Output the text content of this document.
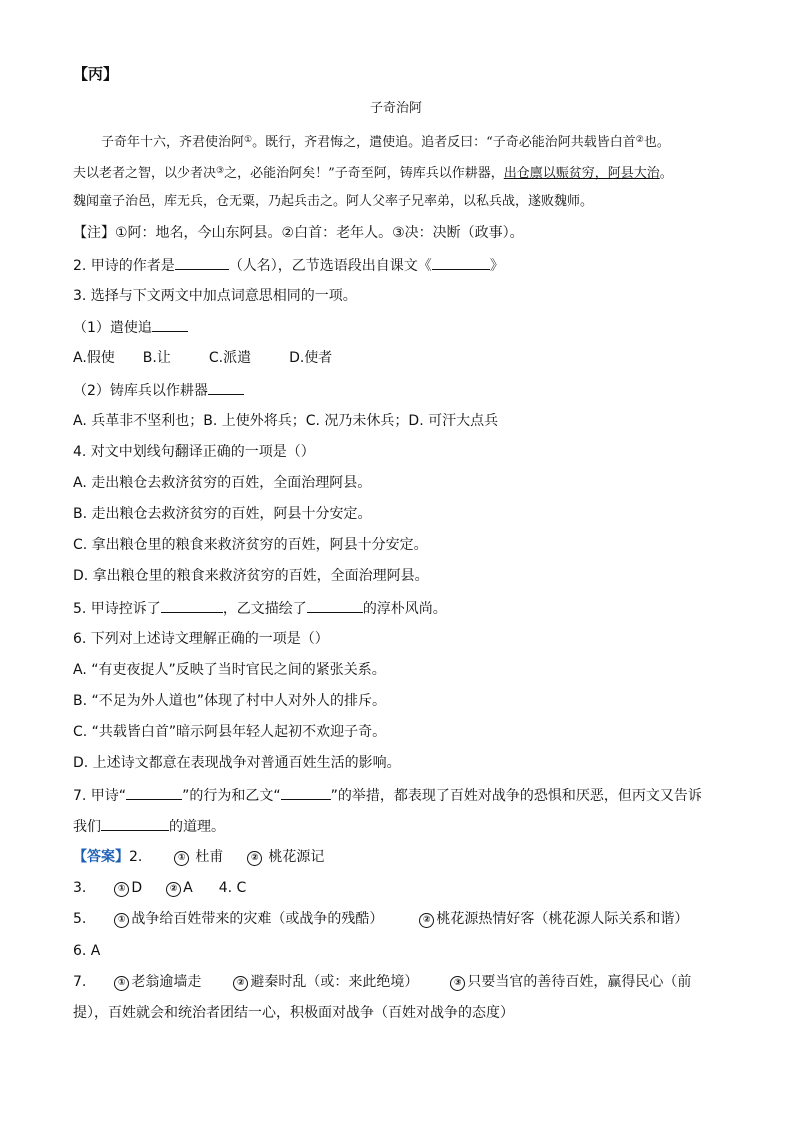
【丙】
子奇治阿
子奇年十六，齐君使治阿①。既行，齐君悔之，遣使追。追者反曰：“子奇必能治阿共载皆白首②也。
夫以老者之智，以少者决③之，必能治阿矣！”子奇至阿，铸库兵以作耕器，出仓廪以赈贫穷，阿县大治。
魏闻童子治邑，库无兵，仓无粟，乃起兵击之。阿人父率子兄率弟，以私兵战，遂败魏师。
【注】①阿：地名，今山东阿县。②白首：老年人。③决：决断（政事）。
2. 甲诗的作者是	（人名），乙节选语段出自课文《	》
3. 选择与下文两文中加点词意思相同的一项。
（1）遣使追
A.假使 B.让	C.派遣	D.使者
（2）铸库兵以作耕器
A. 兵革非不坚利也；B. 上使外将兵；C. 况乃未休兵；D. 可汗大点兵
4. 对文中划线句翻译正确的一项是（）
A. 走出粮仓去救济贫穷的百姓，全面治理阿县。
B. 走出粮仓去救济贫穷的百姓，阿县十分安定。
C. 拿出粮仓里的粮食来救济贫穷的百姓，阿县十分安定。
D. 拿出粮仓里的粮食来救济贫穷的百姓，全面治理阿县。
5. 甲诗控诉了	，乙文描绘了	的淳朴风尚。
6. 下列对上述诗文理解正确的一项是（）
A. “有吏夜捉人”反映了当时官民之间的紧张关系。
B. “不足为外人道也”体现了村中人对外人的排斥。
C. “共载皆白首”暗示阿县年轻人起初不欢迎子奇。
D. 上述诗文都意在表现战争对普通百姓生活的影响。
7. 甲诗“	”的行为和乙文“	”的举措，都表现了百姓对战争的恐惧和厌恶，但丙文又告诉
我们	的道理。
【答案】2.	① 杜甫	② 桃花源记
3.	① D	② A 4. C
5.	① 战争给百姓带来的灾难（或战争的残酷）	② 桃花源热情好客（桃花源人际关系和谐）
6. A
7.	① 老翁逾墙走	② 避秦时乱（或：来此绝境）	③ 只要当官的善待百姓，赢得民心（前
提），百姓就会和统治者团结一心，积极面对战争（百姓对战争的态度）
